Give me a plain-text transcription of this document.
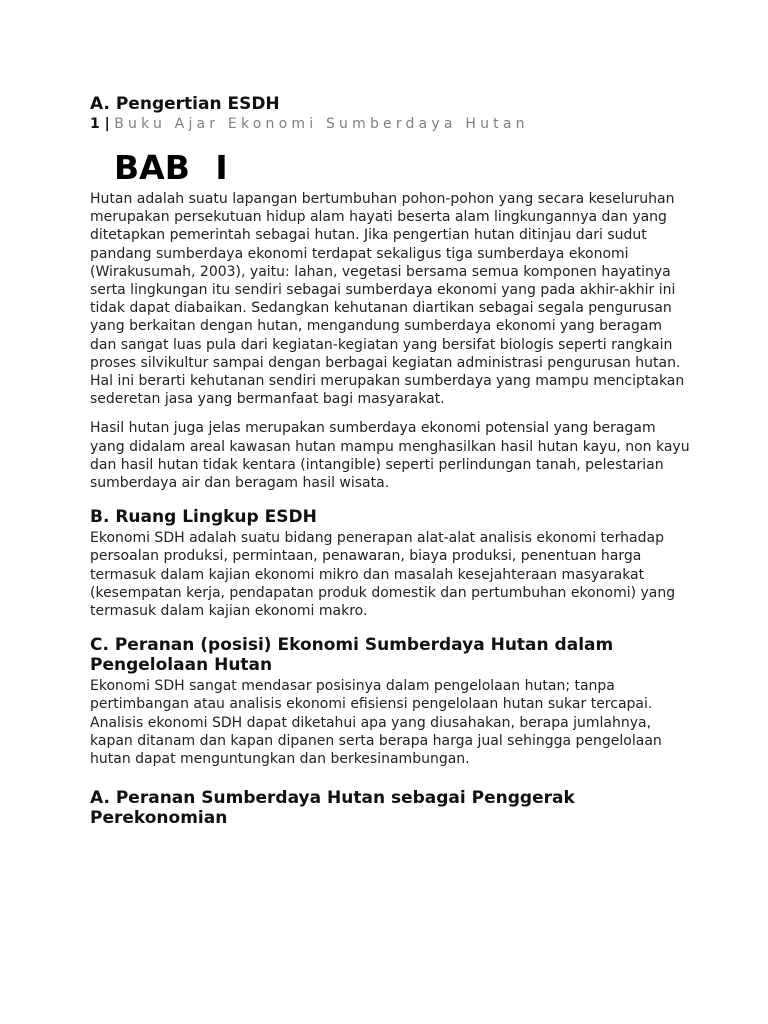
A. Pengertian ESDH
1 | Buku Ajar Ekonomi Sumberdaya Hutan
BAB I

Hutan adalah suatu lapangan bertumbuhan pohon-pohon yang secara keseluruhan merupakan persekutuan hidup alam hayati beserta alam lingkungannya dan yang ditetapkan pemerintah sebagai hutan. Jika pengertian hutan ditinjau dari sudut pandang sumberdaya ekonomi terdapat sekaligus tiga sumberdaya ekonomi (Wirakusumah, 2003), yaitu: lahan, vegetasi bersama semua komponen hayatinya serta lingkungan itu sendiri sebagai sumberdaya ekonomi yang pada akhir-akhir ini tidak dapat diabaikan. Sedangkan kehutanan diartikan sebagai segala pengurusan yang berkaitan dengan hutan, mengandung sumberdaya ekonomi yang beragam dan sangat luas pula dari kegiatan-kegiatan yang bersifat biologis seperti rangkain proses silvikultur sampai dengan berbagai kegiatan administrasi pengurusan hutan. Hal ini berarti kehutanan sendiri merupakan sumberdaya yang mampu menciptakan sederetan jasa yang bermanfaat bagi masyarakat.

Hasil hutan juga jelas merupakan sumberdaya ekonomi potensial yang beragam yang didalam areal kawasan hutan mampu menghasilkan hasil hutan kayu, non kayu dan hasil hutan tidak kentara (intangible) seperti perlindungan tanah, pelestarian sumberdaya air dan beragam hasil wisata.

B. Ruang Lingkup ESDH

Ekonomi SDH adalah suatu bidang penerapan alat-alat analisis ekonomi terhadap persoalan produksi, permintaan, penawaran, biaya produksi, penentuan harga termasuk dalam kajian ekonomi mikro dan masalah kesejahteraan masyarakat (kesempatan kerja, pendapatan produk domestik dan pertumbuhan ekonomi) yang termasuk dalam kajian ekonomi makro.

C. Peranan (posisi) Ekonomi Sumberdaya Hutan dalam Pengelolaan Hutan

Ekonomi SDH sangat mendasar posisinya dalam pengelolaan hutan; tanpa pertimbangan atau analisis ekonomi efisiensi pengelolaan hutan sukar tercapai. Analisis ekonomi SDH dapat diketahui apa yang diusahakan, berapa jumlahnya, kapan ditanam dan kapan dipanen serta berapa harga jual sehingga pengelolaan hutan dapat menguntungkan dan berkesinambungan.

A. Peranan Sumberdaya Hutan sebagai Penggerak Perekonomian
